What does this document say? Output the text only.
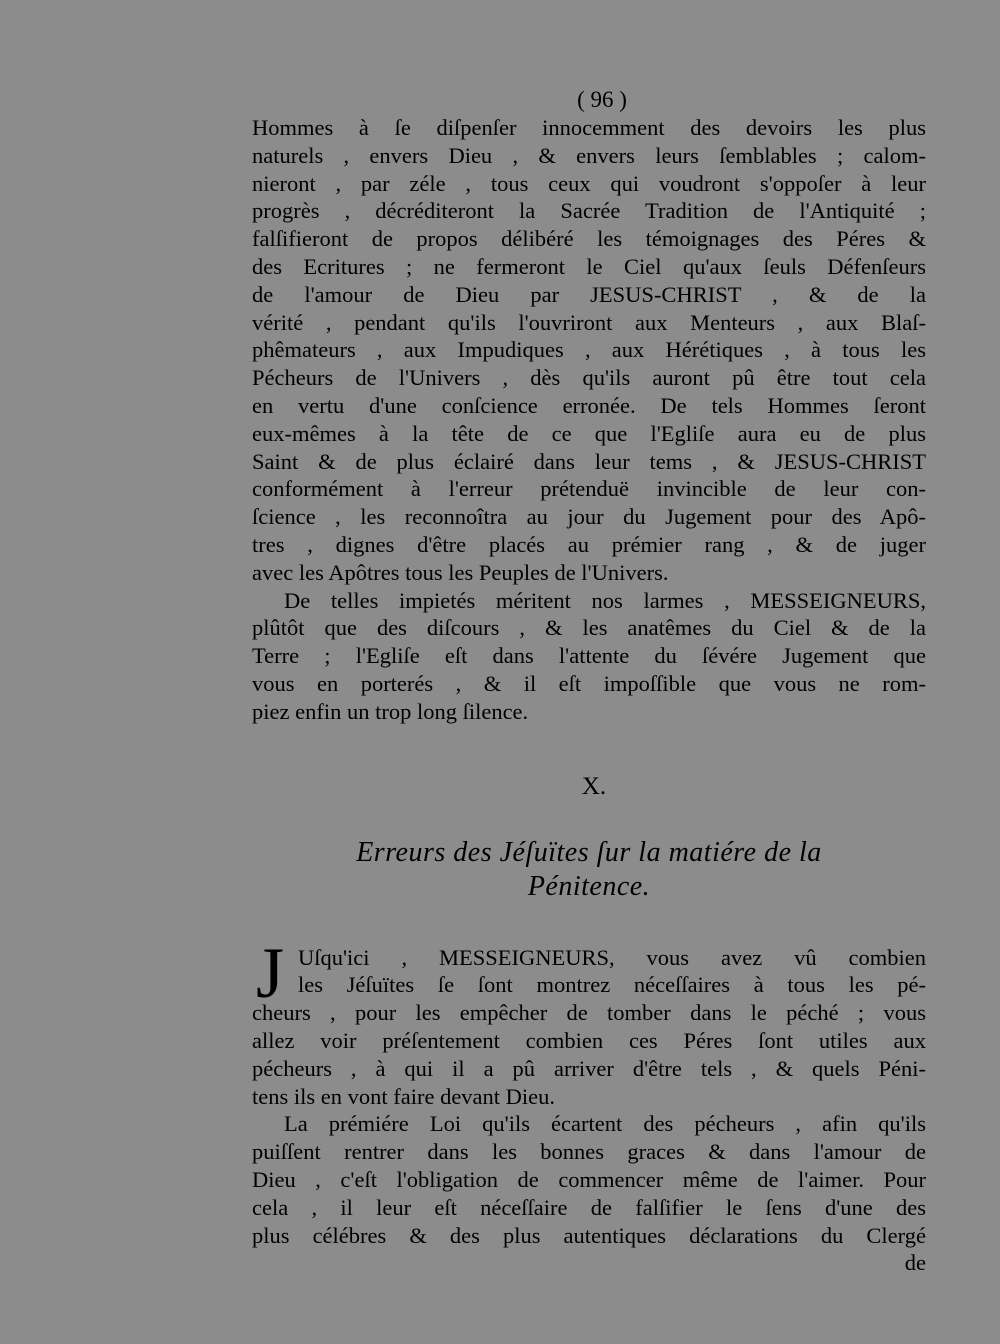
( 96 )
Hommes à ſe diſpenſer innocemment des devoirs les plus
naturels , envers Dieu , & envers leurs ſemblables ; calom-
nieront , par zéle , tous ceux qui voudront s'oppoſer à leur
progrès , décréditeront la Sacrée Tradition de l'Antiquité ;
falſifieront de propos délibéré les témoignages des Péres &
des Ecritures ; ne fermeront le Ciel qu'aux ſeuls Défenſeurs
de l'amour de Dieu par JESUS-CHRIST , & de la
vérité , pendant qu'ils l'ouvriront aux Menteurs , aux Blaſ-
phêmateurs , aux Impudiques , aux Hérétiques , à tous les
Pécheurs de l'Univers , dès qu'ils auront pû être tout cela
en vertu d'une conſcience erronée. De tels Hommes ſeront
eux-mêmes à la tête de ce que l'Egliſe aura eu de plus
Saint & de plus éclairé dans leur tems , & JESUS-CHRIST
conformément à l'erreur prétenduë invincible de leur con-
ſcience , les reconnoîtra au jour du Jugement pour des Apô-
tres , dignes d'être placés au prémier rang , & de juger
avec les Apôtres tous les Peuples de l'Univers.
De telles impietés méritent nos larmes , MESSEIGNEURS,
plûtôt que des diſcours , & les anatêmes du Ciel & de la
Terre ; l'Egliſe eſt dans l'attente du ſévére Jugement que
vous en porterés , & il eſt impoſſible que vous ne rom-
piez enfin un trop long ſilence.
X.
Erreurs des Jéſuïtes ſur la matiére de la
Pénitence.
J Uſqu'ici , MESSEIGNEURS, vous avez vû combien
les Jéſuïtes ſe ſont montrez néceſſaires à tous les pé-
cheurs , pour les empêcher de tomber dans le péché ; vous
allez voir préſentement combien ces Péres ſont utiles aux
pécheurs , à qui il a pû arriver d'être tels , & quels Péni-
tens ils en vont faire devant Dieu.
La prémiére Loi qu'ils écartent des pécheurs , afin qu'ils
puiſſent rentrer dans les bonnes graces & dans l'amour de
Dieu , c'eſt l'obligation de commencer même de l'aimer. Pour
cela , il leur eſt néceſſaire de falſifier le ſens d'une des
plus célébres & des plus autentiques déclarations du Clergé
de
